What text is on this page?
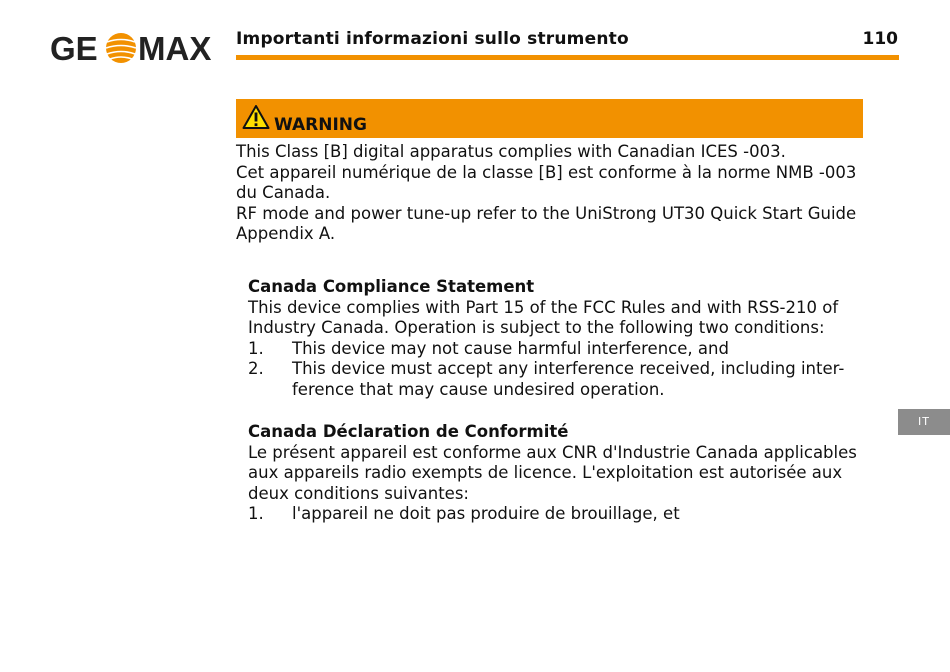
GE MAX Importanti informazioni sullo strumento	110
WARNING

This Class [B] digital apparatus complies with Canadian ICES -003.

Cet appareil numérique de la classe [B] est conforme à la norme NMB -003 du Canada.

RF mode and power tune-up refer to the UniStrong UT30 Quick Start Guide Appendix A.

Canada Compliance Statement

This device complies with Part 15 of the FCC Rules and with RSS-210 of Industry Canada. Operation is subject to the following two conditions:

1. This device may not cause harmful interference, and
2. This device must accept any interference received, including inter-ference that may cause undesired operation.
Canada Déclaration de Conformité

Le présent appareil est conforme aux CNR d'Industrie Canada applicables aux appareils radio exempts de licence. L'exploitation est autorisée aux deux conditions suivantes:

1. l'appareil ne doit pas produire de brouillage, et
IT
